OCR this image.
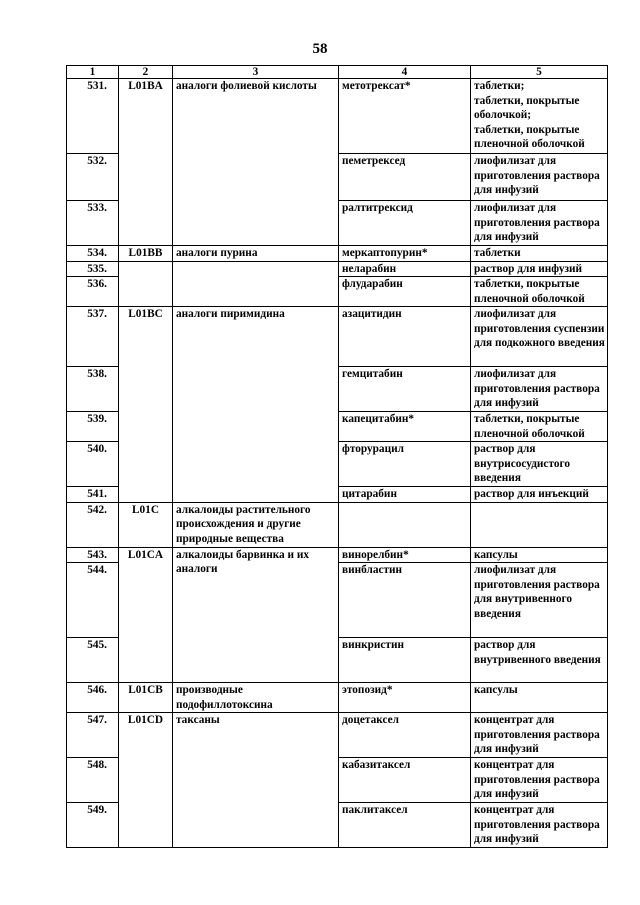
58
1	2	3	4	5

531.	L01BA	аналоги фолиевой кислоты	метотрексат*	таблетки;
таблетки, покрытые оболочкой;
таблетки, покрытые пленочной оболочкой

532.			пеметрексед	лиофилизат для приготовления раствора для инфузий

533.			ралтитрексид	лиофилизат для приготовления раствора для инфузий

534.	L01BB	аналоги пурина	меркаптопурин*	таблетки

535.			неларабин	раствор для инфузий

536.			флударабин	таблетки, покрытые пленочной оболочкой

537.	L01BC	аналоги пиримидина	азацитидин	лиофилизат для приготовления суспензии для подкожного введения

538.			гемцитабин	лиофилизат для приготовления раствора для инфузий

539.			капецитабин*	таблетки, покрытые пленочной оболочкой

540.			фторурацил	раствор для внутрисосудистого введения

541.			цитарабин	раствор для инъекций

542.	L01C	алкалоиды растительного происхождения и другие природные вещества		

543.	L01CA	алкалоиды барвинка и их аналоги	винорелбин*	капсулы

544.			винбластин	лиофилизат для приготовления раствора для внутривенного введения

545.			винкристин	раствор для внутривенного введения

546.	L01CB	производные подофиллотоксина	этопозид*	капсулы

547.	L01CD	таксаны	доцетаксел	концентрат для приготовления раствора для инфузий

548.			кабазитаксел	концентрат для приготовления раствора для инфузий

549.			паклитаксел	концентрат для приготовления раствора для инфузий
